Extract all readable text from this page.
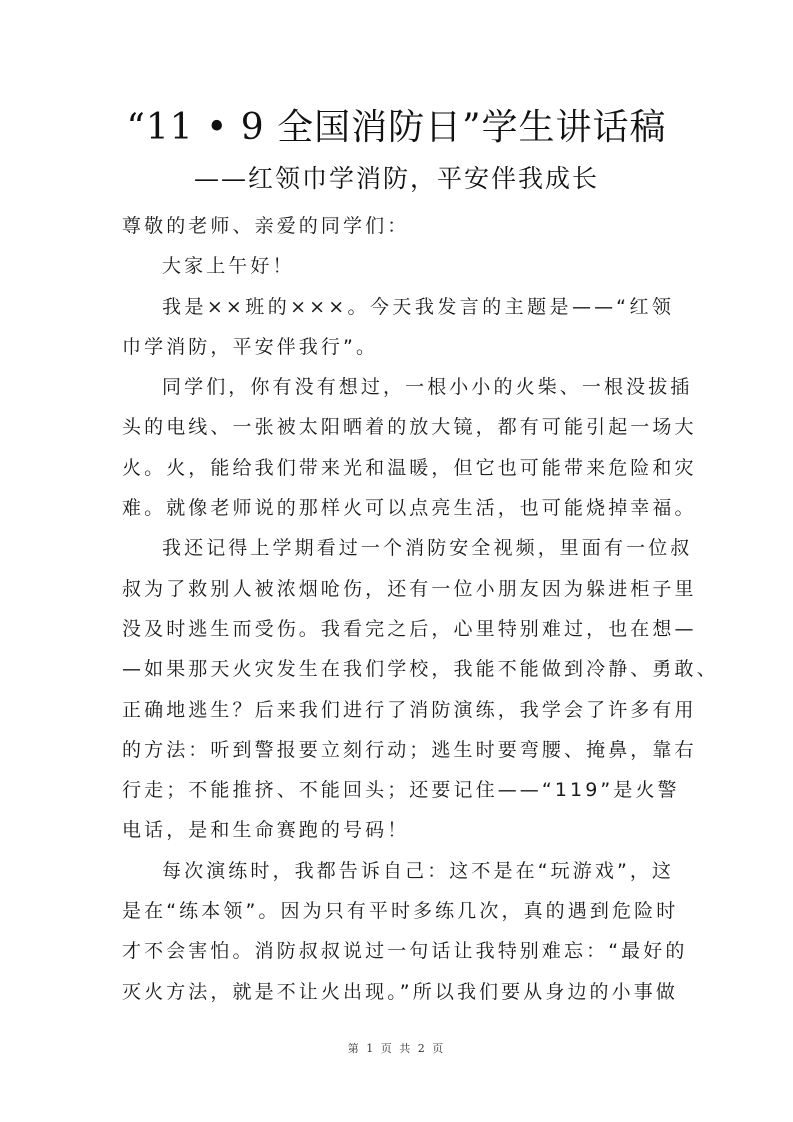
“11 • 9 全国消防日”学生讲话稿
——红领巾学消防，平安伴我成长
尊敬的老师、亲爱的同学们：
大家上午好！
我是××班的×××。今天我发言的主题是——“红领
巾学消防，平安伴我行”。
同学们，你有没有想过，一根小小的火柴、一根没拔插
头的电线、一张被太阳晒着的放大镜，都有可能引起一场大
火。火，能给我们带来光和温暖，但它也可能带来危险和灾
难。就像老师说的那样火可以点亮生活，也可能烧掉幸福。
我还记得上学期看过一个消防安全视频，里面有一位叔
叔为了救别人被浓烟呛伤，还有一位小朋友因为躲进柜子里
没及时逃生而受伤。我看完之后，心里特别难过，也在想—
—如果那天火灾发生在我们学校，我能不能做到冷静、勇敢、
正确地逃生？后来我们进行了消防演练，我学会了许多有用
的方法：听到警报要立刻行动；逃生时要弯腰、掩鼻，靠右
行走；不能推挤、不能回头；还要记住——“119”是火警
电话，是和生命赛跑的号码！
每次演练时，我都告诉自己：这不是在“玩游戏”，这
是在“练本领”。因为只有平时多练几次，真的遇到危险时
才不会害怕。消防叔叔说过一句话让我特别难忘：“最好的
灭火方法，就是不让火出现。”所以我们要从身边的小事做
第 1 页 共 2 页
